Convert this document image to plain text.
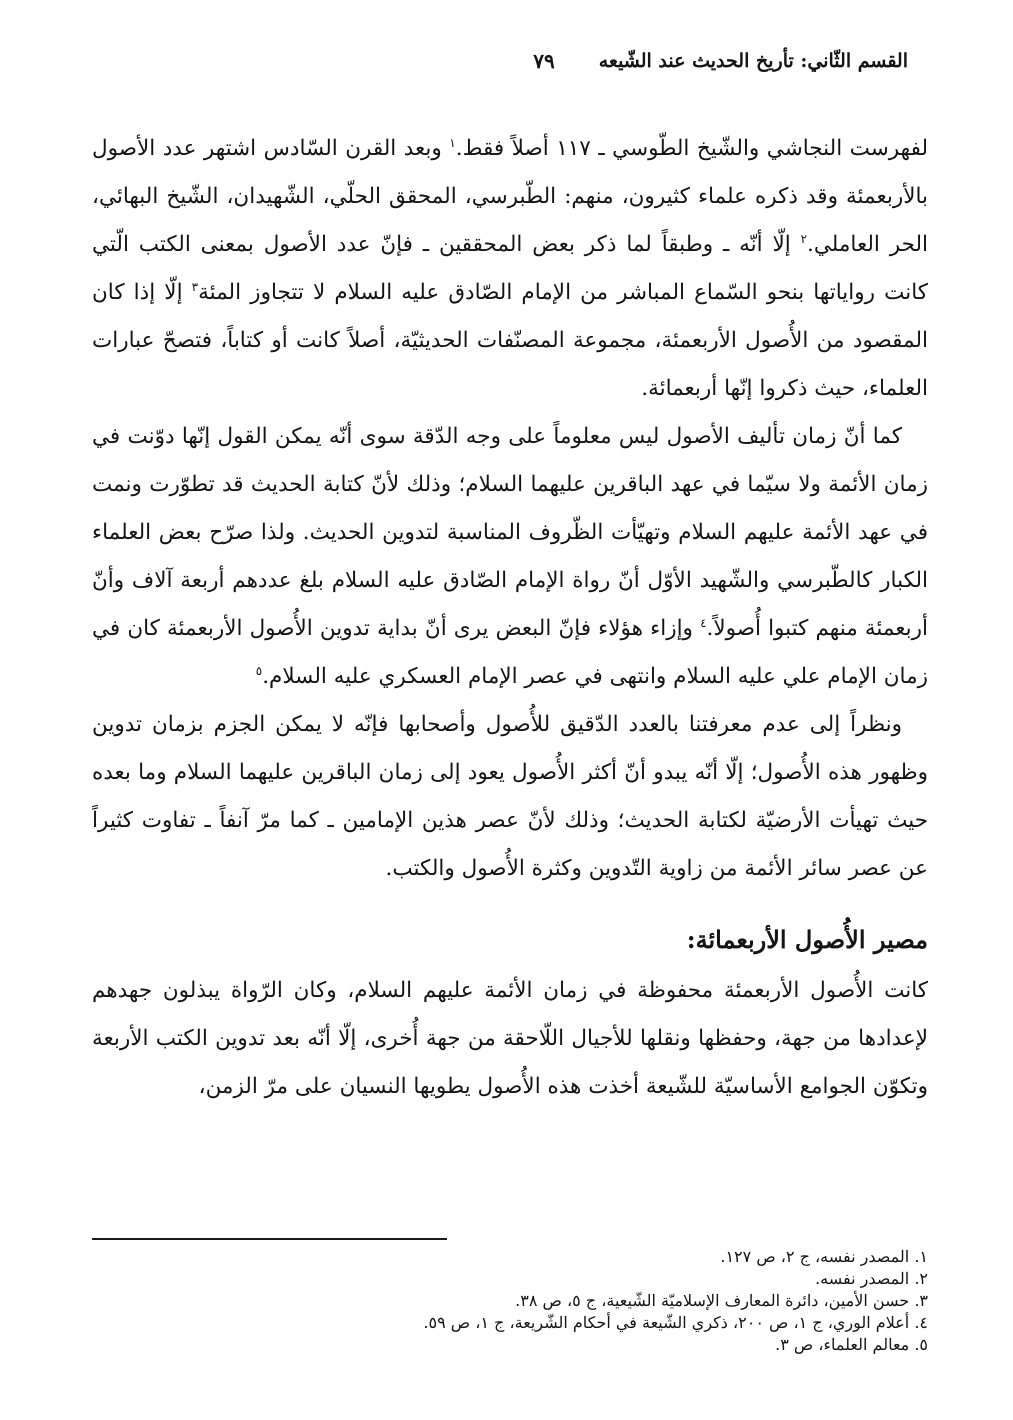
القسم الثّاني: تأريخ الحديث عند الشّيعه
٧٩

لفهرست النجاشي والشّيخ الطّوسي ـ ١١٧ أصلاً فقط.$^١$ وبعد القرن السّادس اشتهر عدد الأصول بالأربعمئة وقد ذكره علماء كثيرون، منهم: الطّبرسي، المحقق الحلّي، الشّهيدان، الشّيخ البهائي، الحر العاملي.$^٢$ إلّا أنّه ـ وطبقاً لما ذكر بعض المحققين ـ فإنّ عدد الأصول بمعنى الكتب الّتي كانت رواياتها بنحو السّماع المباشر من الإمام الصّادق عليه السلام لا تتجاوز المئة$^٣$ إلّا إذا كان المقصود من الأُصول الأربعمئة، مجموعة المصنّفات الحديثيّة، أصلاً كانت أو كتاباً، فتصحّ عبارات العلماء، حيث ذكروا إنّها أربعمائة.

كما أنّ زمان تأليف الأصول ليس معلوماً على وجه الدّقة سوى أنّه يمكن القول إنّها دوّنت في زمان الأئمة ولا سيّما في عهد الباقرين عليهما السلام؛ وذلك لأنّ كتابة الحديث قد تطوّرت ونمت في عهد الأئمة عليهم السلام وتهيّأت الظّروف المناسبة لتدوين الحديث. ولذا صرّح بعض العلماء الكبار كالطّبرسي والشّهيد الأوّل أنّ رواة الإمام الصّادق عليه السلام بلغ عددهم أربعة آلاف وأنّ أربعمئة منهم كتبوا أُصولاً.$^٤$ وإزاء هؤلاء فإنّ البعض يرى أنّ بداية تدوين الأُصول الأربعمئة كان في زمان الإمام علي عليه السلام وانتهى في عصر الإمام العسكري عليه السلام.$^٥$

ونظراً إلى عدم معرفتنا بالعدد الدّقيق للأُصول وأصحابها فإنّه لا يمكن الجزم بزمان تدوين وظهور هذه الأُصول؛ إلّا أنّه يبدو أنّ أكثر الأُصول يعود إلى زمان الباقرين عليهما السلام وما بعده حيث تهيأت الأرضيّة لكتابة الحديث؛ وذلك لأنّ عصر هذين الإمامين ـ كما مرّ آنفاً ـ تفاوت كثيراً عن عصر سائر الأئمة من زاوية التّدوين وكثرة الأُصول والكتب.

مصير الأُصول الأربعمائة:

كانت الأُصول الأربعمئة محفوظة في زمان الأئمة عليهم السلام، وكان الرّواة يبذلون جهدهم لإعدادها من جهة، وحفظها ونقلها للأجيال اللّاحقة من جهة أُخرى، إلّا أنّه بعد تدوين الكتب الأربعة وتكوّن الجوامع الأساسيّة للشّيعة أخذت هذه الأُصول يطويها النسيان على مرّ الزمن،

١. المصدر نفسه، ج ٢، ص ١٢٧.
٢. المصدر نفسه.
٣. حسن الأمين، دائرة المعارف الإسلاميّة الشّيعية، ج ٥، ص ٣٨.
٤. أعلام الوري، ج ١، ص ٢٠٠، ذكري الشّيعة في أحكام الشّريعة، ج ١، ص ٥٩.
٥. معالم العلماء، ص ٣.
